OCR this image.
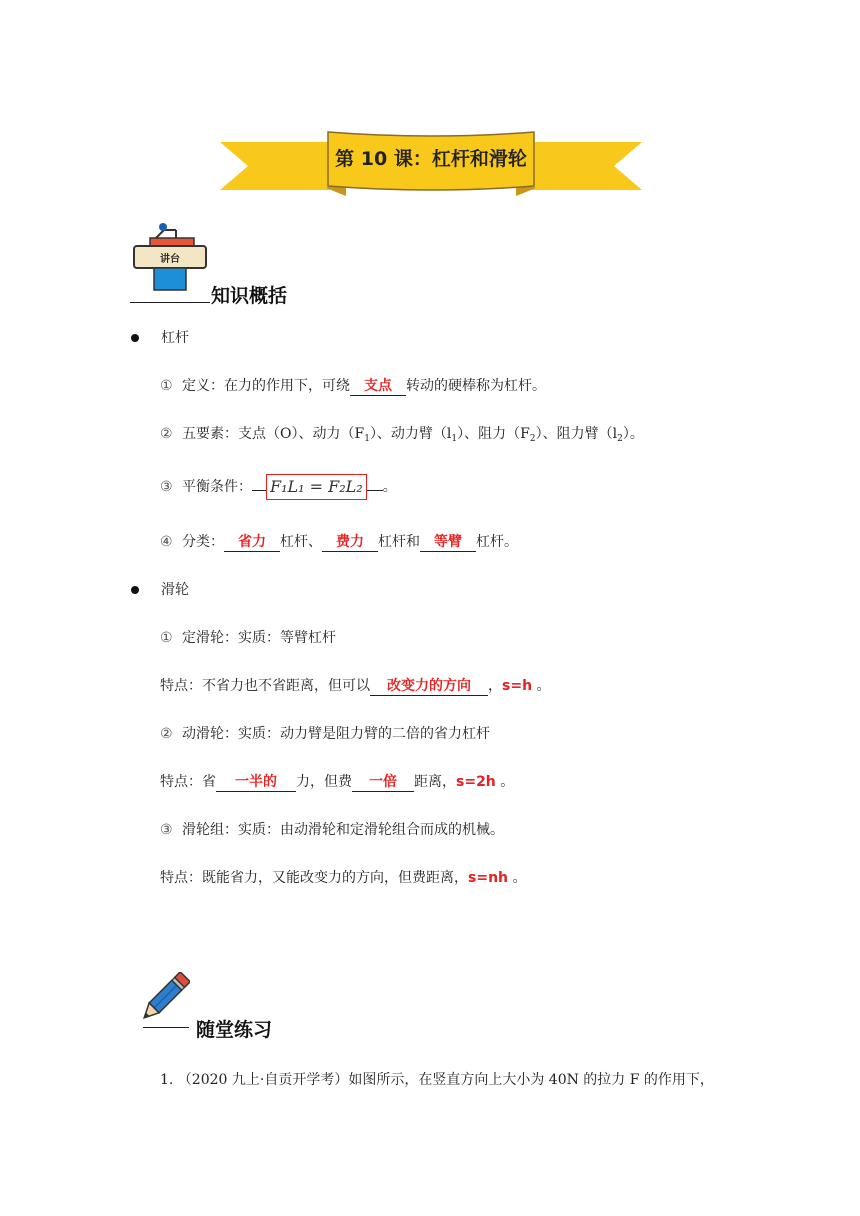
第 10 课：杠杆和滑轮
讲台
知识概括
杠杆
① 定义：在力的作用下，可绕 支点 转动的硬棒称为杠杆。
② 五要素：支点（O）、动力$(F_1)$、动力臂$(l_1)$、阻力$(F_2)$、阻力臂$(l_2)$。
③ 平衡条件： F₁L₁ = F₂L₂ 。
④ 分类： 省力 杠杆、 费力 杠杆和 等臂 杠杆。
滑轮
① 定滑轮：实质：等臂杠杆
特点：不省力也不省距离，但可以 改变力的方向 ，s=h 。
② 动滑轮：实质：动力臂是阻力臂的二倍的省力杠杆
特点：省 一半的 力，但费 一倍 距离，s=2h 。
③ 滑轮组：实质：由动滑轮和定滑轮组合而成的机械。
特点：既能省力，又能改变力的方向，但费距离，s=nh 。
随堂练习
1. （2020 九上·自贡开学考）如图所示，在竖直方向上大小为 40N 的拉力 F 的作用下，
